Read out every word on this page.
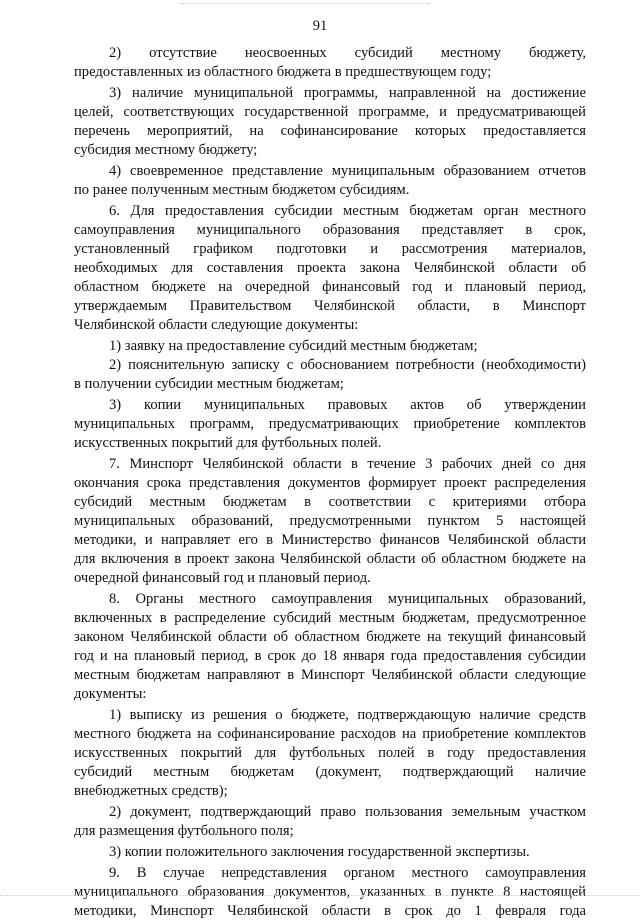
91
2) отсутствие неосвоенных субсидий местному бюджету,
предоставленных из областного бюджета в предшествующем году;
3) наличие муниципальной программы, направленной на достижение
целей, соответствующих государственной программе, и предусматривающей
перечень мероприятий, на софинансирование которых предоставляется
субсидия местному бюджету;
4) своевременное представление муниципальным образованием отчетов
по ранее полученным местным бюджетом субсидиям.
6. Для предоставления субсидии местным бюджетам орган местного
самоуправления муниципального образования представляет в срок,
установленный графиком подготовки и рассмотрения материалов,
необходимых для составления проекта закона Челябинской области об
областном бюджете на очередной финансовый год и плановый период,
утверждаемым Правительством Челябинской области, в Минспорт
Челябинской области следующие документы:
1) заявку на предоставление субсидий местным бюджетам;
2) пояснительную записку с обоснованием потребности (необходимости)
в получении субсидии местным бюджетам;
3) копии муниципальных правовых актов об утверждении
муниципальных программ, предусматривающих приобретение комплектов
искусственных покрытий для футбольных полей.
7. Минспорт Челябинской области в течение 3 рабочих дней со дня
окончания срока представления документов формирует проект распределения
субсидий местным бюджетам в соответствии с критериями отбора
муниципальных образований, предусмотренными пунктом 5 настоящей
методики, и направляет его в Министерство финансов Челябинской области
для включения в проект закона Челябинской области об областном бюджете на
очередной финансовый год и плановый период.
8. Органы местного самоуправления муниципальных образований,
включенных в распределение субсидий местным бюджетам, предусмотренное
законом Челябинской области об областном бюджете на текущий финансовый
год и на плановый период, в срок до 18 января года предоставления субсидии
местным бюджетам направляют в Минспорт Челябинской области следующие
документы:
1) выписку из решения о бюджете, подтверждающую наличие средств
местного бюджета на софинансирование расходов на приобретение комплектов
искусственных покрытий для футбольных полей в году предоставления
субсидий местным бюджетам (документ, подтверждающий наличие
внебюджетных средств);
2) документ, подтверждающий право пользования земельным участком
для размещения футбольного поля;
3) копии положительного заключения государственной экспертизы.
9. В случае непредставления органом местного самоуправления
муниципального образования документов, указанных в пункте 8 настоящей
методики, Минспорт Челябинской области в срок до 1 февраля года
